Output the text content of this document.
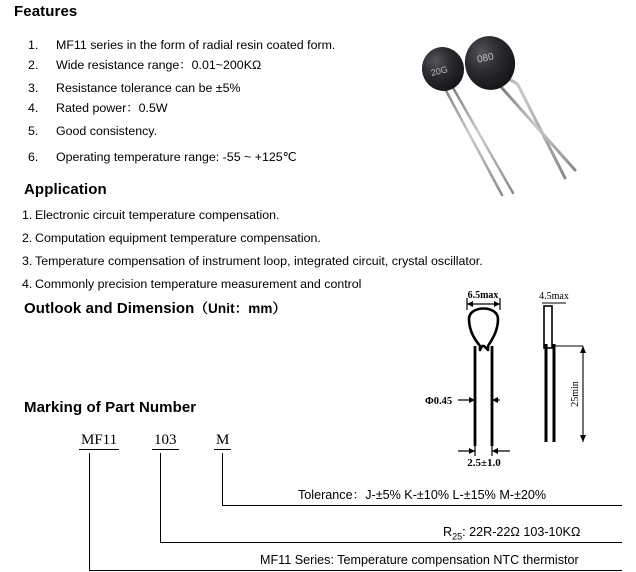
Features
1. MF11 series in the form of radial resin coated form.
2. Wide resistance range：0.01~200KΩ
3. Resistance tolerance can be ±5%
4. Rated power：0.5W
5. Good consistency.
6. Operating temperature range: -55 ~ +125℃
20G
080
Application
1. Electronic circuit temperature compensation.
2. Computation equipment temperature compensation.
3. Temperature compensation of instrument loop, integrated circuit, crystal oscillator.
4. Commonly precision temperature measurement and control
Outlook and Dimension（Unit：mm）
6.5max	4.5max
Φ0.45
2.5±1.0
25min
Marking of Part Number
MF11 103	M
Tolerance：J-±5% K-±10% L-±15% M-±20%
$R_{25}$: 22R-22Ω 103-10KΩ
MF11 Series: Temperature compensation NTC thermistor
